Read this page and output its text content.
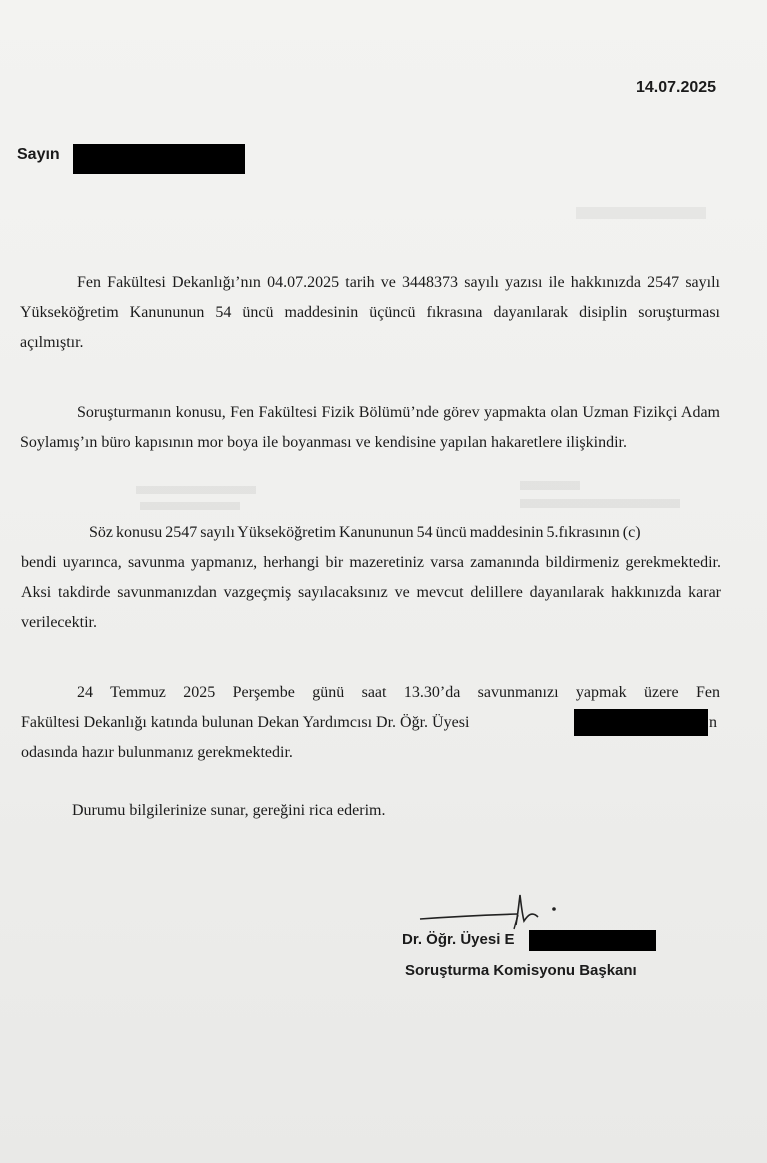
14.07.2025
Sayın

Fen Fakültesi Dekanlığı’nın 04.07.2025 tarih ve 3448373 sayılı yazısı ile hakkınızda 2547 sayılı Yükseköğretim Kanununun 54 üncü maddesinin üçüncü fıkrasına dayanılarak disiplin soruşturması açılmıştır.

Soruşturmanın konusu, Fen Fakültesi Fizik Bölümü’nde görev yapmakta olan Uzman Fizikçi Adam Soylamış’ın büro kapısının mor boya ile boyanması ve kendisine yapılan hakaretlere ilişkindir.

Söz konusu 2547 sayılı Yükseköğretim Kanununun 54 üncü maddesinin 5.fıkrasının (c)

bendi uyarınca, savunma yapmanız, herhangi bir mazeretiniz varsa zamanında bildirmeniz gerekmektedir. Aksi takdirde savunmanızdan vazgeçmiş sayılacaksınız ve mevcut delillere dayanılarak hakkınızda karar verilecektir.

24 Temmuz 2025 Perşembe günü saat 13.30’da savunmanızı yapmak üzere Fen
Fakültesi Dekanlığı katında bulunan Dekan Yardımcısı Dr. Öğr. Üyesi	n
odasında hazır bulunmanız gerekmektedir.
Durumu bilgilerinize sunar, gereğini rica ederim.
Dr. Öğr. Üyesi E
Soruşturma Komisyonu Başkanı
